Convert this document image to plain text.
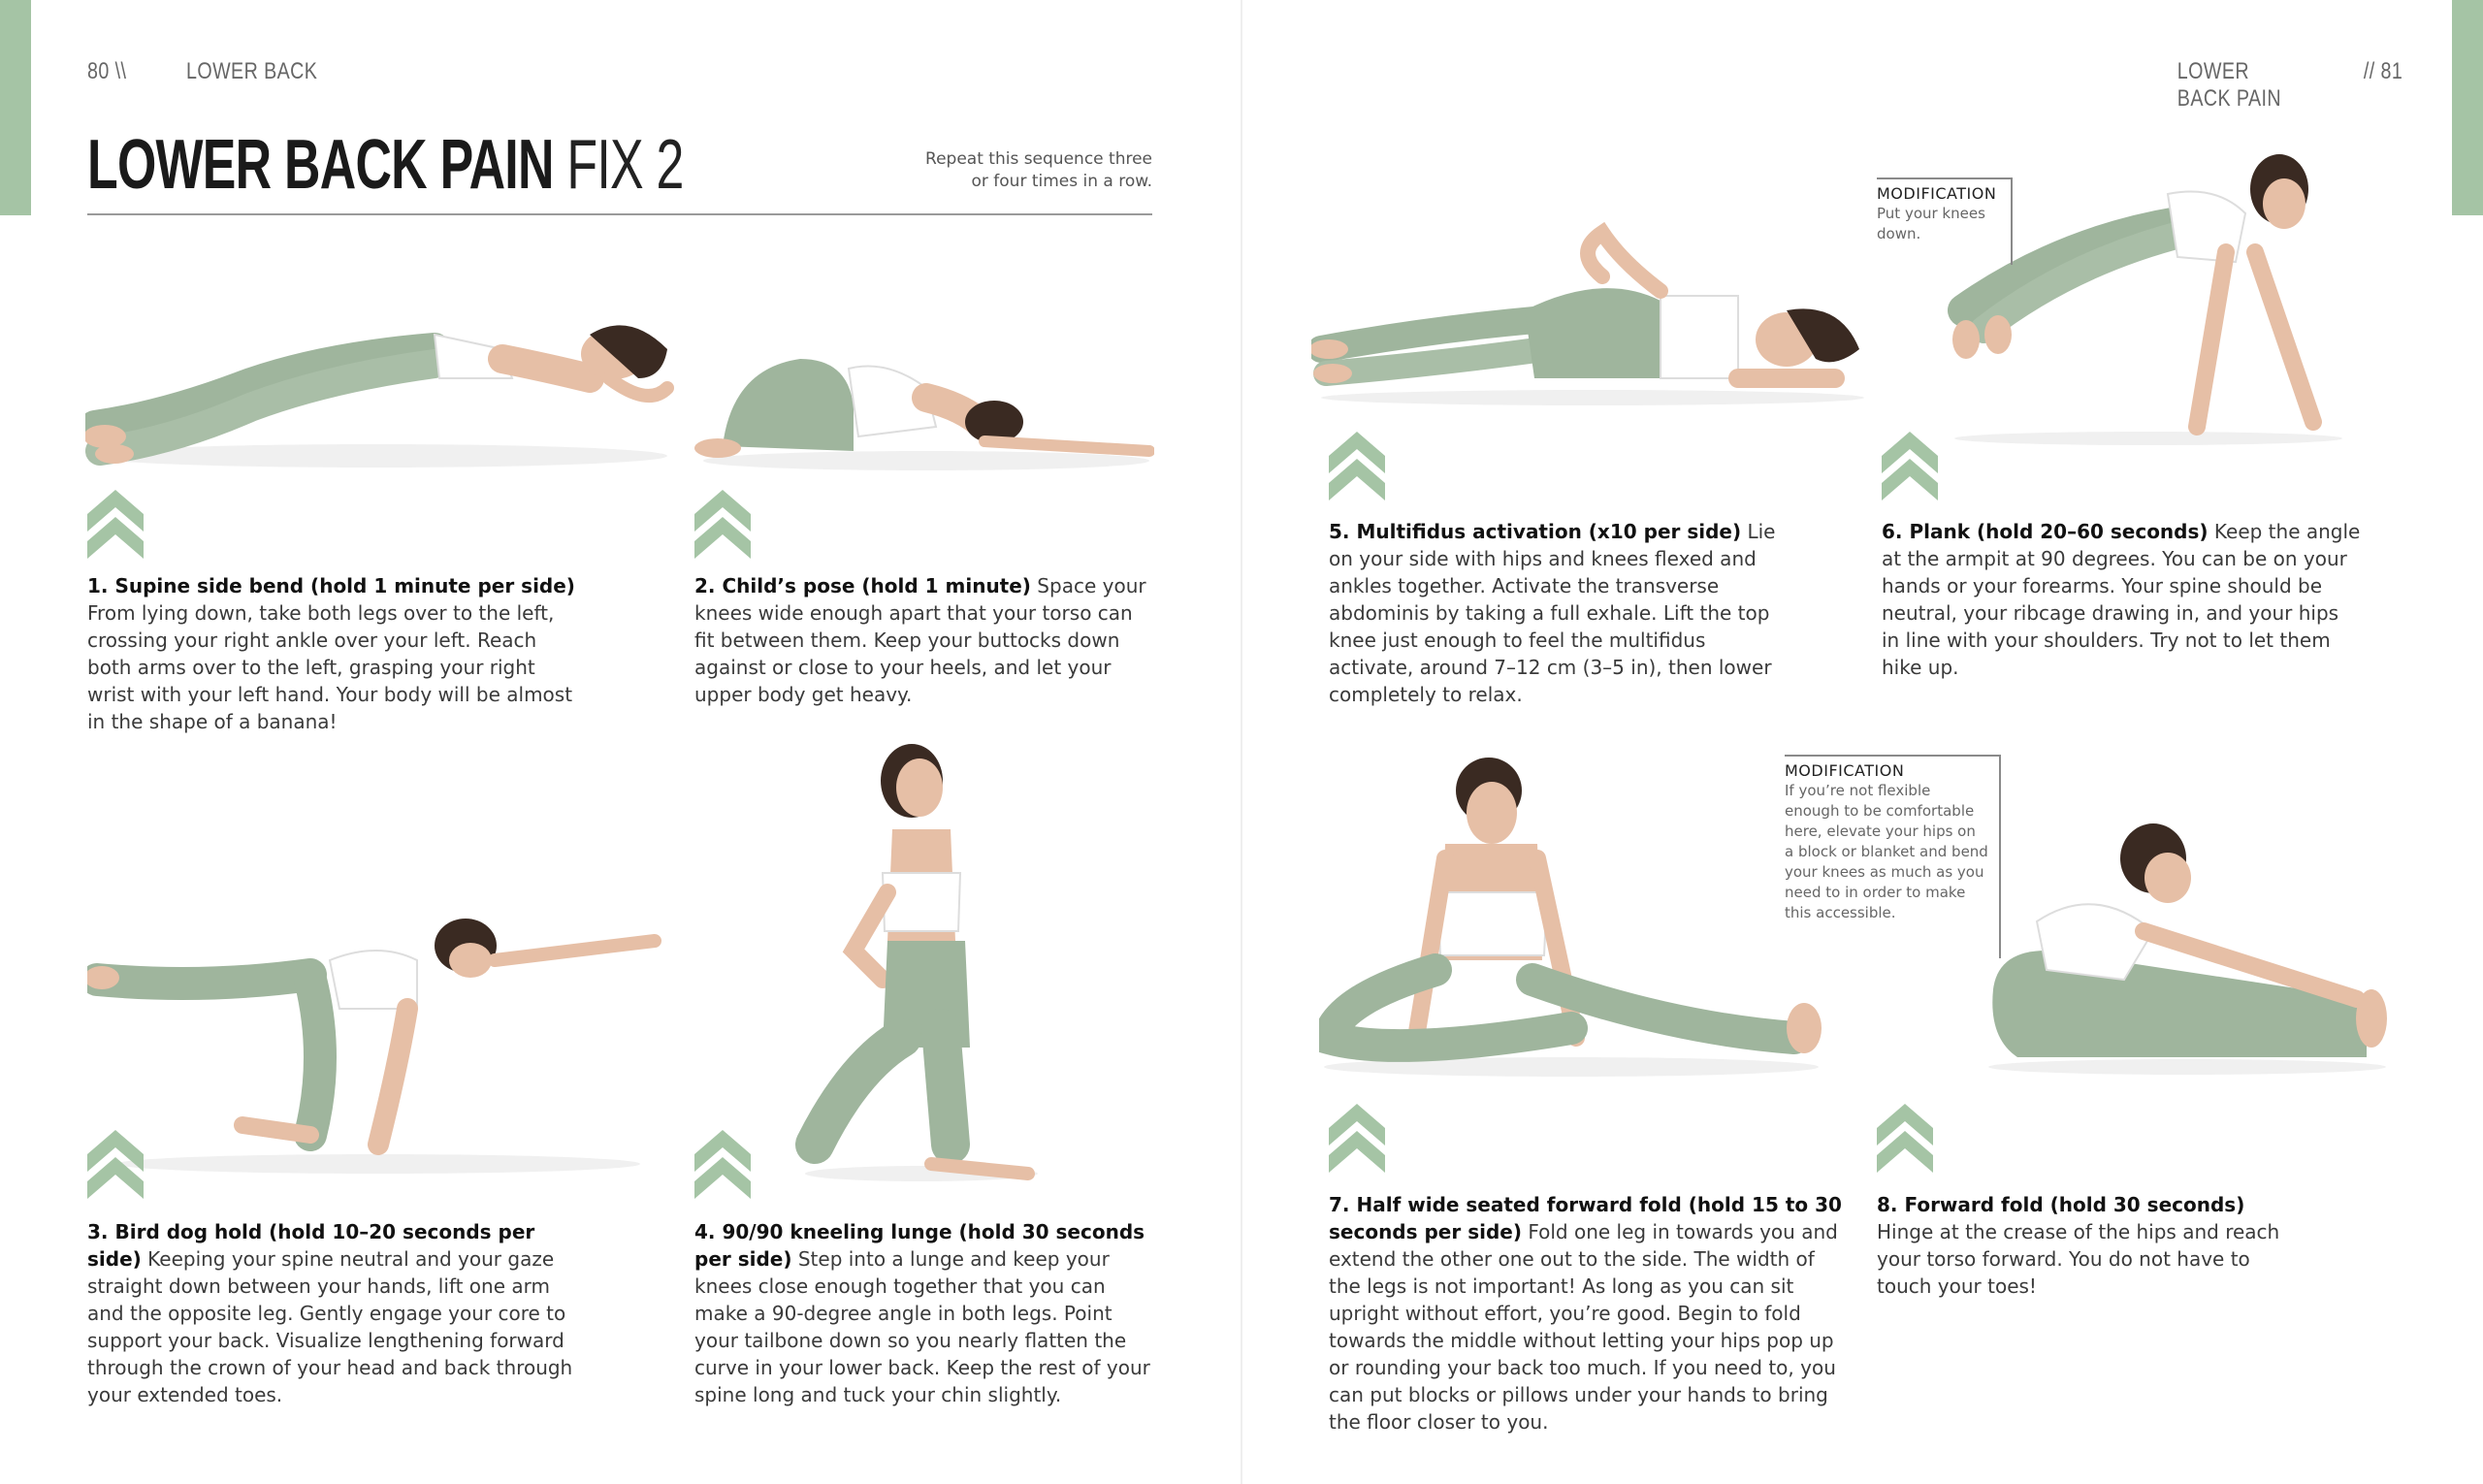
80 \\	LOWER BACK
LOWER BACK PAIN FIX 2	Repeat this sequence three
or four times in a row.

1. Supine side bend (hold 1 minute per side) From lying down, take both legs over to the left, crossing your right ankle over your left. Reach both arms over to the left, grasping your right wrist with your left hand. Your body will be almost in the shape of a banana!

2. Child’s pose (hold 1 minute) Space your knees wide enough apart that your torso can fit between them. Keep your buttocks down against or close to your heels, and let your upper body get heavy.

3. Bird dog hold (hold 10–20 seconds per side) Keeping your spine neutral and your gaze straight down between your hands, lift one arm and the opposite leg. Gently engage your core to support your back. Visualize lengthening forward through the crown of your head and back through your extended toes.

4. 90/90 kneeling lunge (hold 30 seconds per side) Step into a lunge and keep your knees close enough together that you can make a 90-degree angle in both legs. Point your tailbone down so you nearly flatten the curve in your lower back. Keep the rest of your spine long and tuck your chin slightly.

LOWER BACK PAIN
// 81
MODIFICATION
Put your knees down.

5. Multifidus activation (x10 per side) Lie on your side with hips and knees flexed and ankles together. Activate the transverse abdominis by taking a full exhale. Lift the top knee just enough to feel the multifidus activate, around 7–12 cm (3–5 in), then lower completely to relax.

6. Plank (hold 20–60 seconds) Keep the angle at the armpit at 90 degrees. You can be on your hands or your forearms. Your spine should be neutral, your ribcage drawing in, and your hips in line with your shoulders. Try not to let them hike up.

MODIFICATION
If you’re not flexible enough to be comfortable here, elevate your hips on a block or blanket and bend your knees as much as you need to in order to make this accessible.

7. Half wide seated forward fold (hold 15 to 30 seconds per side) Fold one leg in towards you and extend the other one out to the side. The width of the legs is not important! As long as you can sit upright without effort, you’re good. Begin to fold towards the middle without letting your hips pop up or rounding your back too much. If you need to, you can put blocks or pillows under your hands to bring the floor closer to you.

8. Forward fold (hold 30 seconds) Hinge at the crease of the hips and reach your torso forward. You do not have to touch your toes!
